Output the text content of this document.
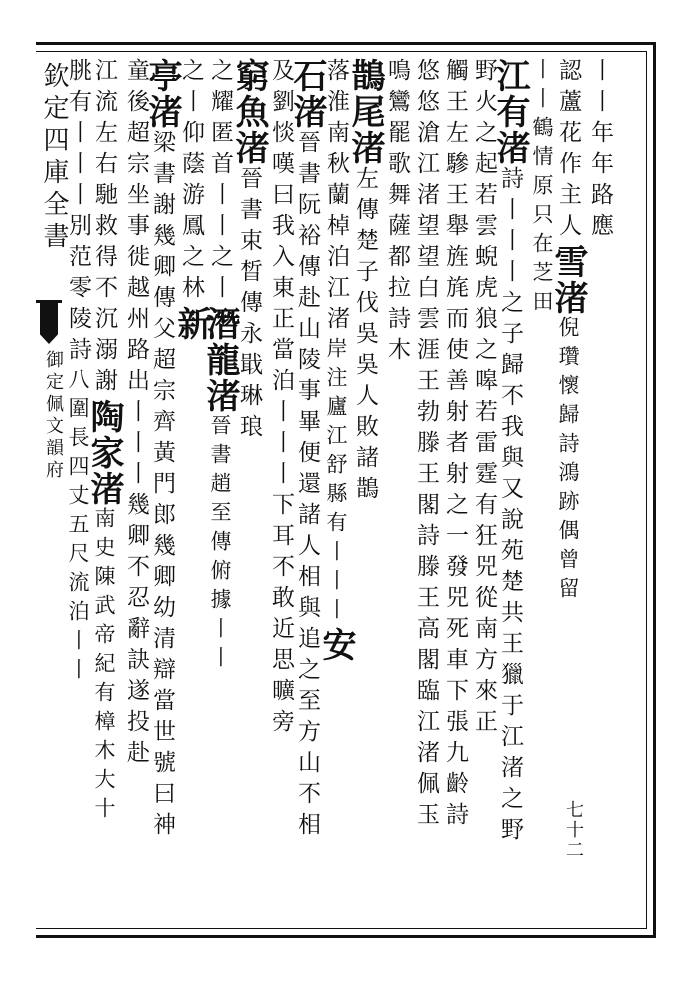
欽定四庫全書
御定佩文韻府
丨丨年年路應
認蘆花作主人雪渚倪瓚懷歸詩鴻跡偶曾留
丨丨鶴情原只在芝田
江有渚詩丨丨丨之子歸不我與又說苑楚共王獵于江渚之野
野火之起若雲蜺虎狼之嗥若雷霆有狂兕從南方來正
觸王左驂王舉旌旄而使善射者射之一發兕死車下張九齡詩
悠悠滄江渚望望白雲涯王勃滕王閣詩滕王高閣臨江渚佩玉
鳴鸞罷歌舞薩都拉詩木
鵲尾渚左傳楚子伐吳吳人敗諸鵲
落淮南秋蘭棹泊江渚岸注廬江舒縣有丨丨丨安
石渚晉書阮裕傳赴山陵事畢便還諸人相與追之至方山不相
及劉惔嘆曰我入東正當泊丨丨丨下耳不敢近思曠旁
窮魚渚晉書束晳傳永戢琳琅
之耀匿首丨丨之丨潛龍渚晉書趙至傳俯據丨丨
之丨仰蔭游鳳之林新
亭渚梁書謝幾卿傳父超宗齊黃門郎幾卿幼清辯當世號曰神
童後超宗坐事徙越州路出丨丨丨幾卿不忍辭訣遂投赴
江流左右馳救得不沉溺謝陶家渚南史陳武帝紀有樟木大十
朓有丨丨丨別范零陵詩八圍長四丈五尺流泊丨丨
七十二
